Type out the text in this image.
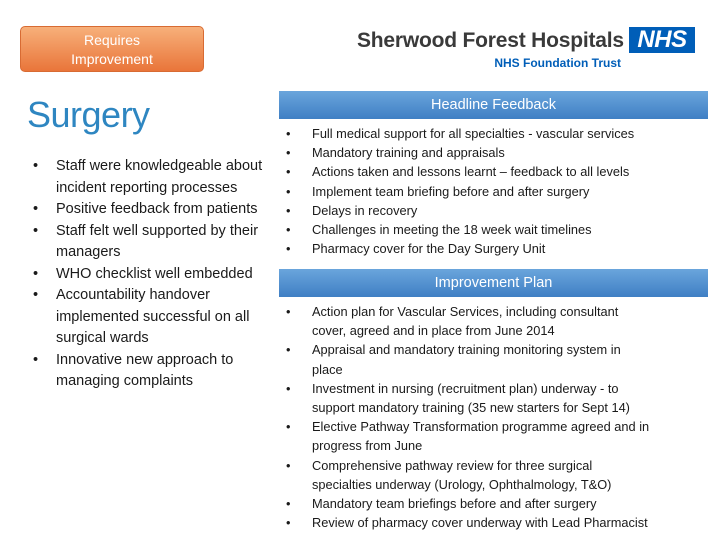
Requires
Improvement
Sherwood Forest Hospitals NHS
NHS Foundation Trust
Surgery
• Staff were knowledgeable about incident reporting processes
• Positive feedback from patients
• Staff felt well supported by their managers
• WHO checklist well embedded
• Accountability handover implemented successful on all surgical wards
• Innovative new approach to managing complaints
Headline Feedback
• Full medical support for all specialties - vascular services
• Mandatory training and appraisals
• Actions taken and lessons learnt – feedback to all levels
• Implement team briefing before and after surgery
• Delays in recovery
• Challenges in meeting the 18 week wait timelines
• Pharmacy cover for the Day Surgery Unit
Improvement Plan
• Action plan for Vascular Services, including consultant
cover, agreed and in place from June 2014
• Appraisal and mandatory training monitoring system in
place
• Investment in nursing (recruitment plan) underway - to
support mandatory training (35 new starters for Sept 14)
• Elective Pathway Transformation programme agreed and in
progress from June
• Comprehensive pathway review for three surgical
specialties underway (Urology, Ophthalmology, T&O)
• Mandatory team briefings before and after surgery
• Review of pharmacy cover underway with Lead Pharmacist
